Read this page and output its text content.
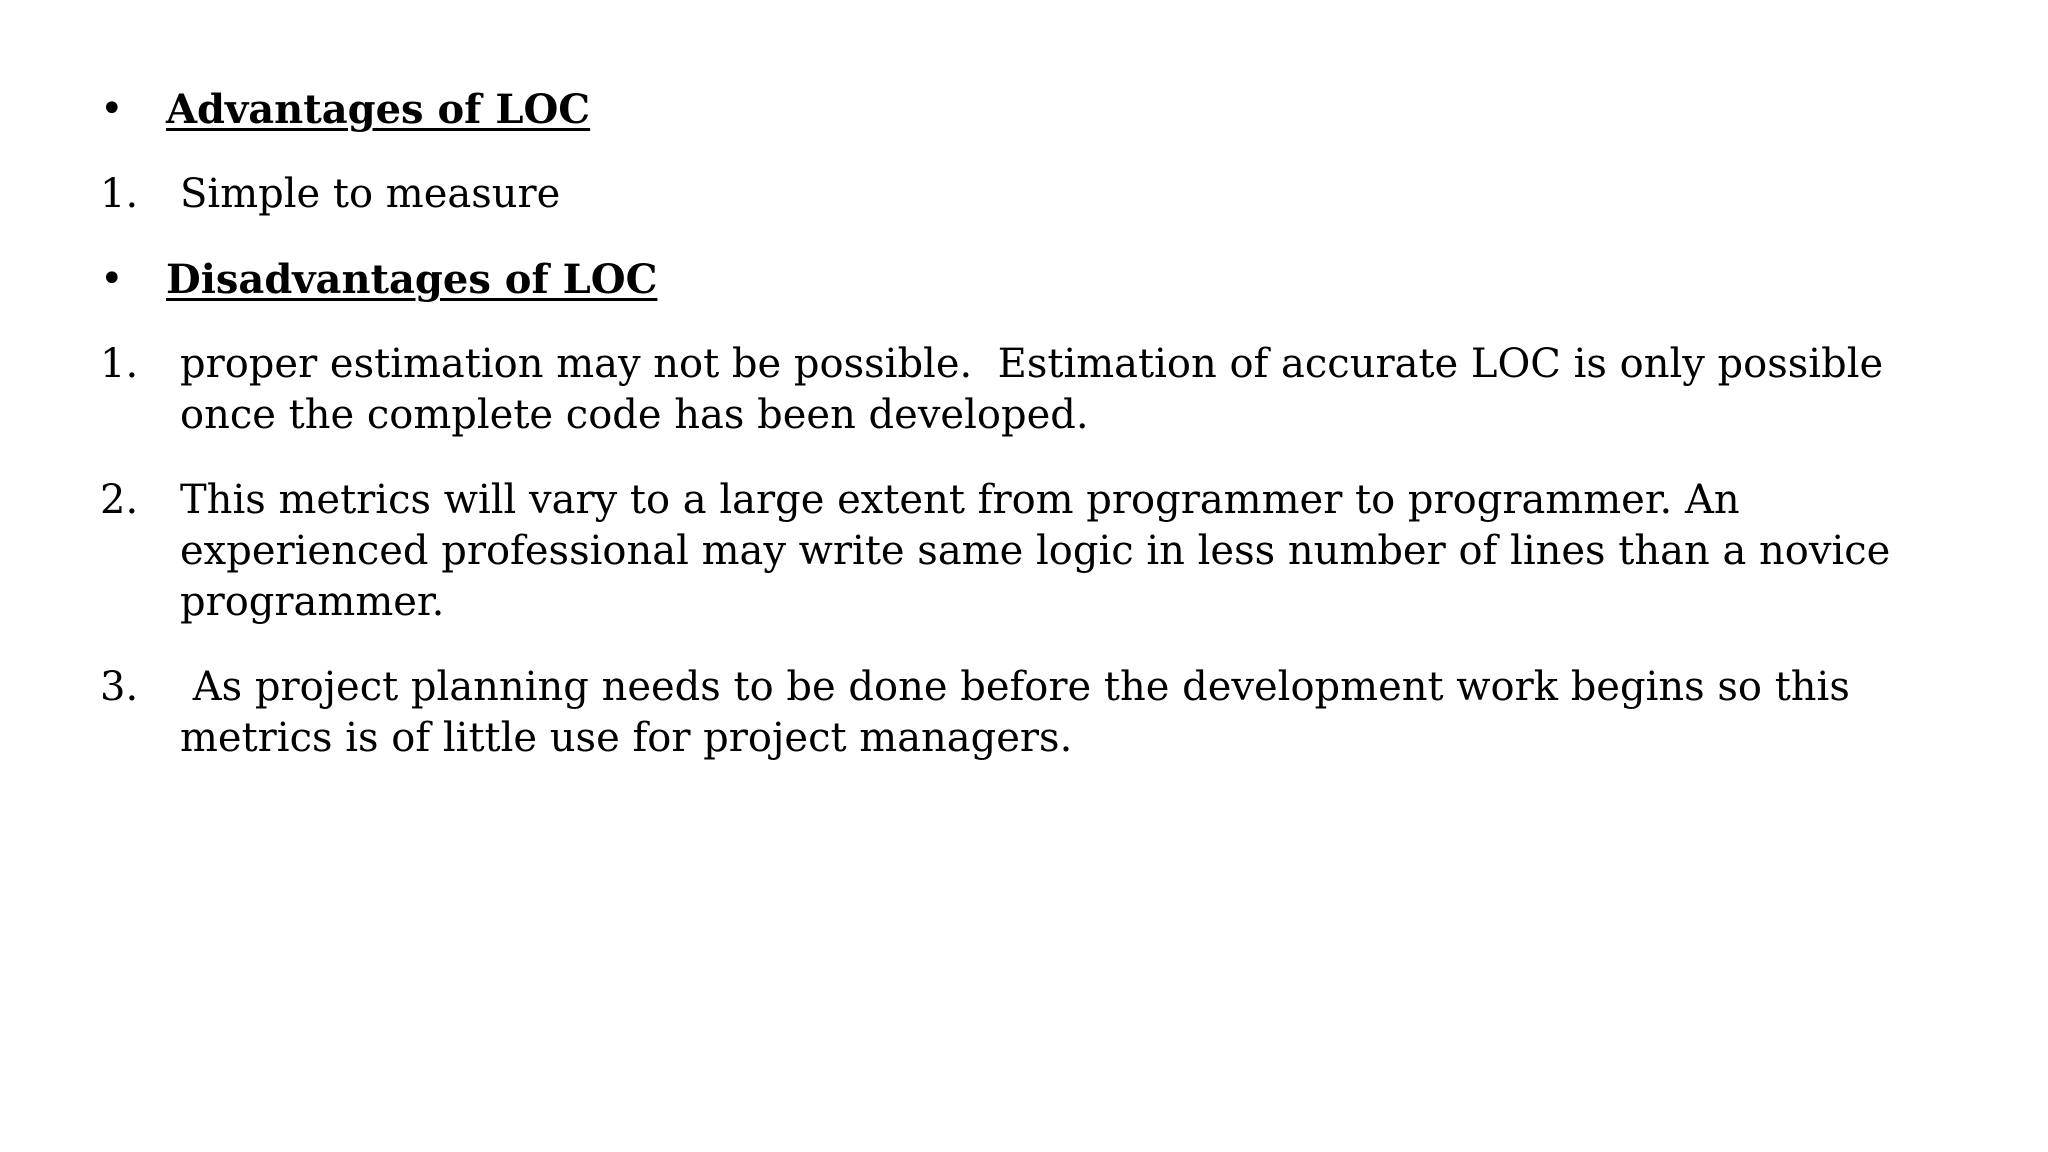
•	Advantages of LOC
1.	Simple to measure
•	Disadvantages of LOC
1.	proper estimation may not be possible.  Estimation of accurate LOC is only possible once the complete code has been developed.
2.	This metrics will vary to a large extent from programmer to programmer. An experienced professional may write same logic in less number of lines than a novice programmer.
3.	As project planning needs to be done before the development work begins so this metrics is of little use for project managers.
